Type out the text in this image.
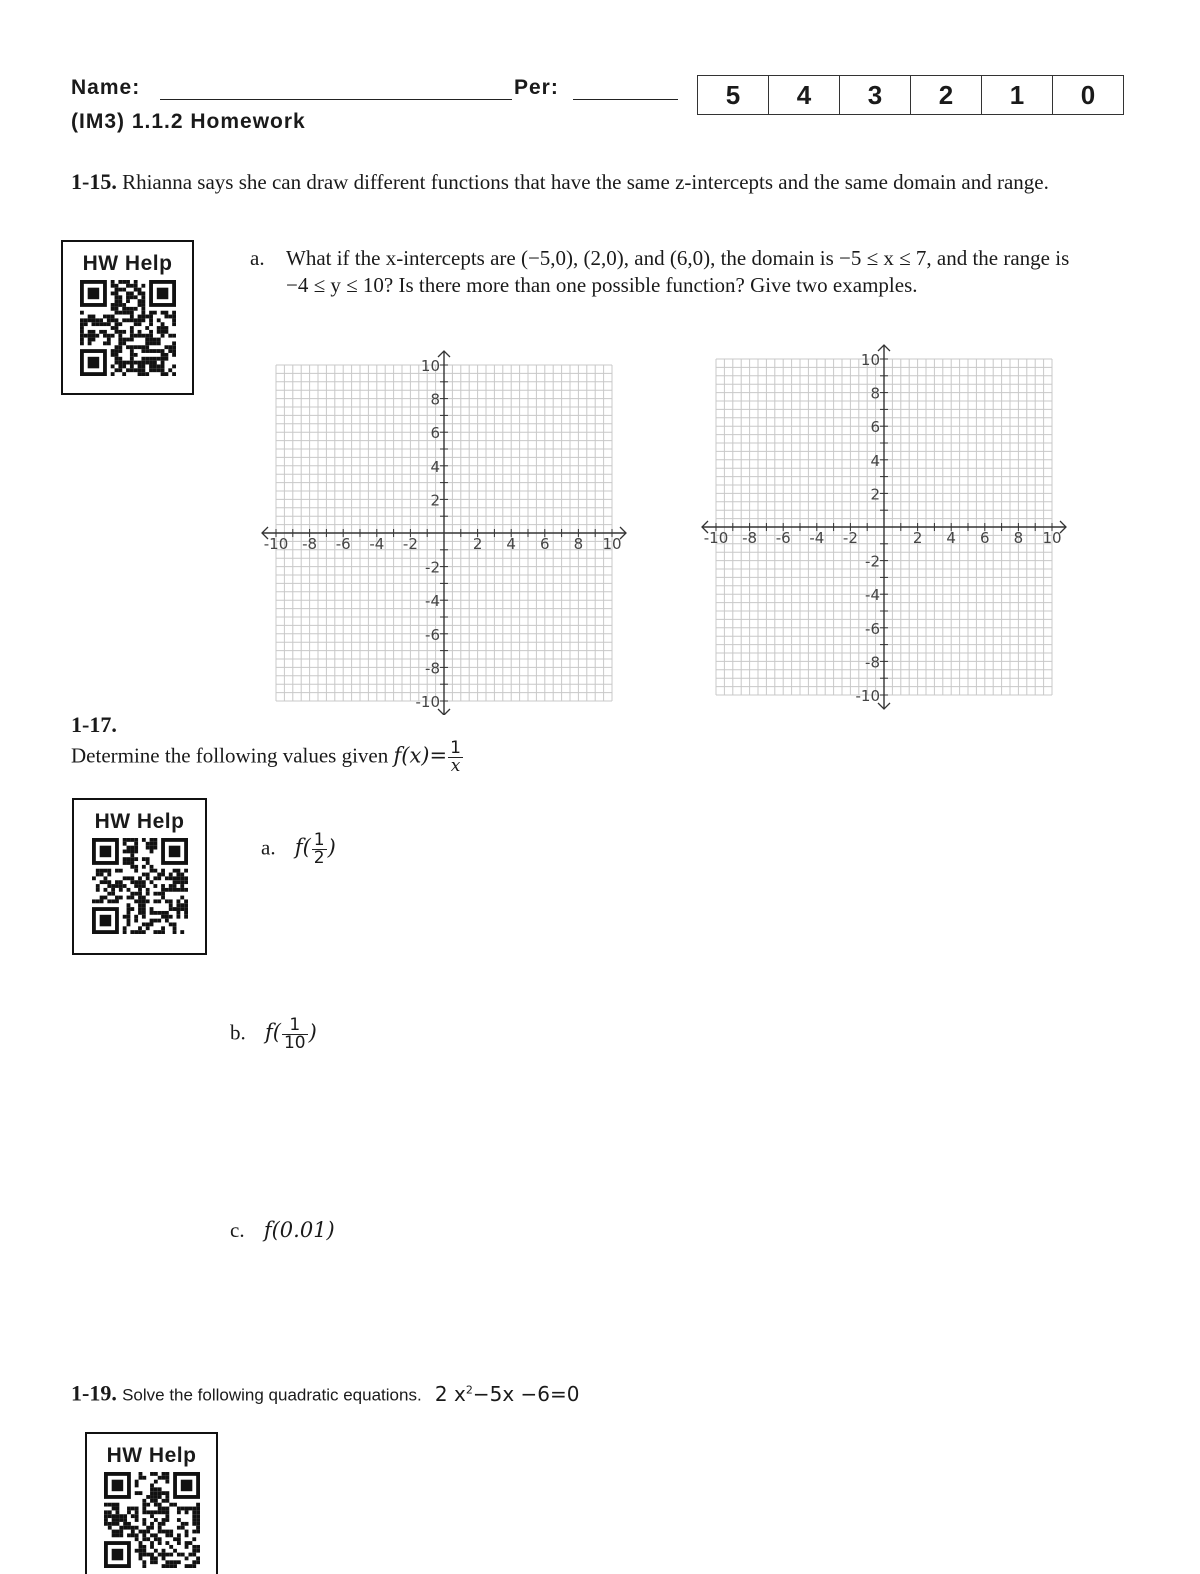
Name:	Per:	5	4	3	2	1	0
(IM3) 1.1.2 Homework
1-15. Rhianna says she can draw different functions that have the same z-intercepts and the same domain and range.
HW Help	a. What if the x-intercepts are (−5,0), (2,0), and (6,0), the domain is −5 ≤ x ≤ 7, and the range is −4 ≤ y ≤ 10? Is there more than one possible function? Give two examples.
-10 -8 -6 -4 -2	2 4 6 8 10
10
8
6
4
2
-2
-4
-6
-8
-10
-10 -8 -6 -4 -2	2 4 6 8 10
10
8
6
4
2
-2
-4
-6
-8
-10
1-17.
Determine the following values given $f(x)= \frac{1}{x}$
HW Help
a. $f( \frac{1}{2}$ )
b. $f( \frac{1}{10}$ )
c. f(0.01)
1-19. Solve the following quadratic equations. 2 $x^2-5x -6=0$
HW Help
